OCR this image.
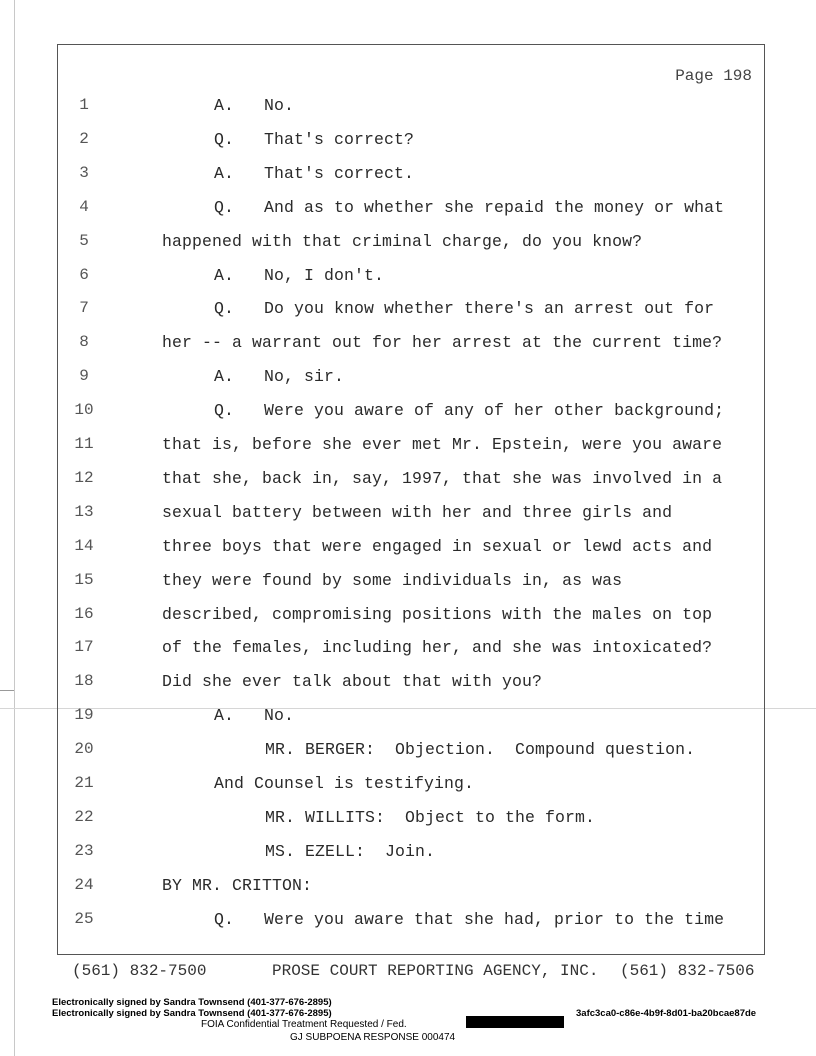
Page 198
1	A.   No.
2	Q.   That's correct?
3	A.   That's correct.
4	Q.   And as to whether she repaid the money or what
5	happened with that criminal charge, do you know?
6	A.   No, I don't.
7	Q.   Do you know whether there's an arrest out for
8	her -- a warrant out for her arrest at the current time?
9	A.   No, sir.
10	Q.   Were you aware of any of her other background;
11	that is, before she ever met Mr. Epstein, were you aware
12	that she, back in, say, 1997, that she was involved in a
13	sexual battery between with her and three girls and
14	three boys that were engaged in sexual or lewd acts and
15	they were found by some individuals in, as was
16	described, compromising positions with the males on top
17	of the females, including her, and she was intoxicated?
18	Did she ever talk about that with you?
19	A.   No.
20	MR. BERGER:  Objection.  Compound question.
21	And Counsel is testifying.
22	MR. WILLITS:  Object to the form.
23	MS. EZELL:  Join.
24	BY MR. CRITTON:
25	Q.   Were you aware that she had, prior to the time

(561) 832-7500

	PROSE COURT REPORTING AGENCY, INC.

(561) 832-7506

Electronically signed by Sandra Townsend (401-377-676-2895)
Electronically signed by Sandra Townsend (401-377-676-2895)	3afc3ca0-c86e-4b9f-8d01-ba20bcae87de
FOIA Confidential Treatment Requested / Fed.
GJ SUBPOENA RESPONSE 000474
